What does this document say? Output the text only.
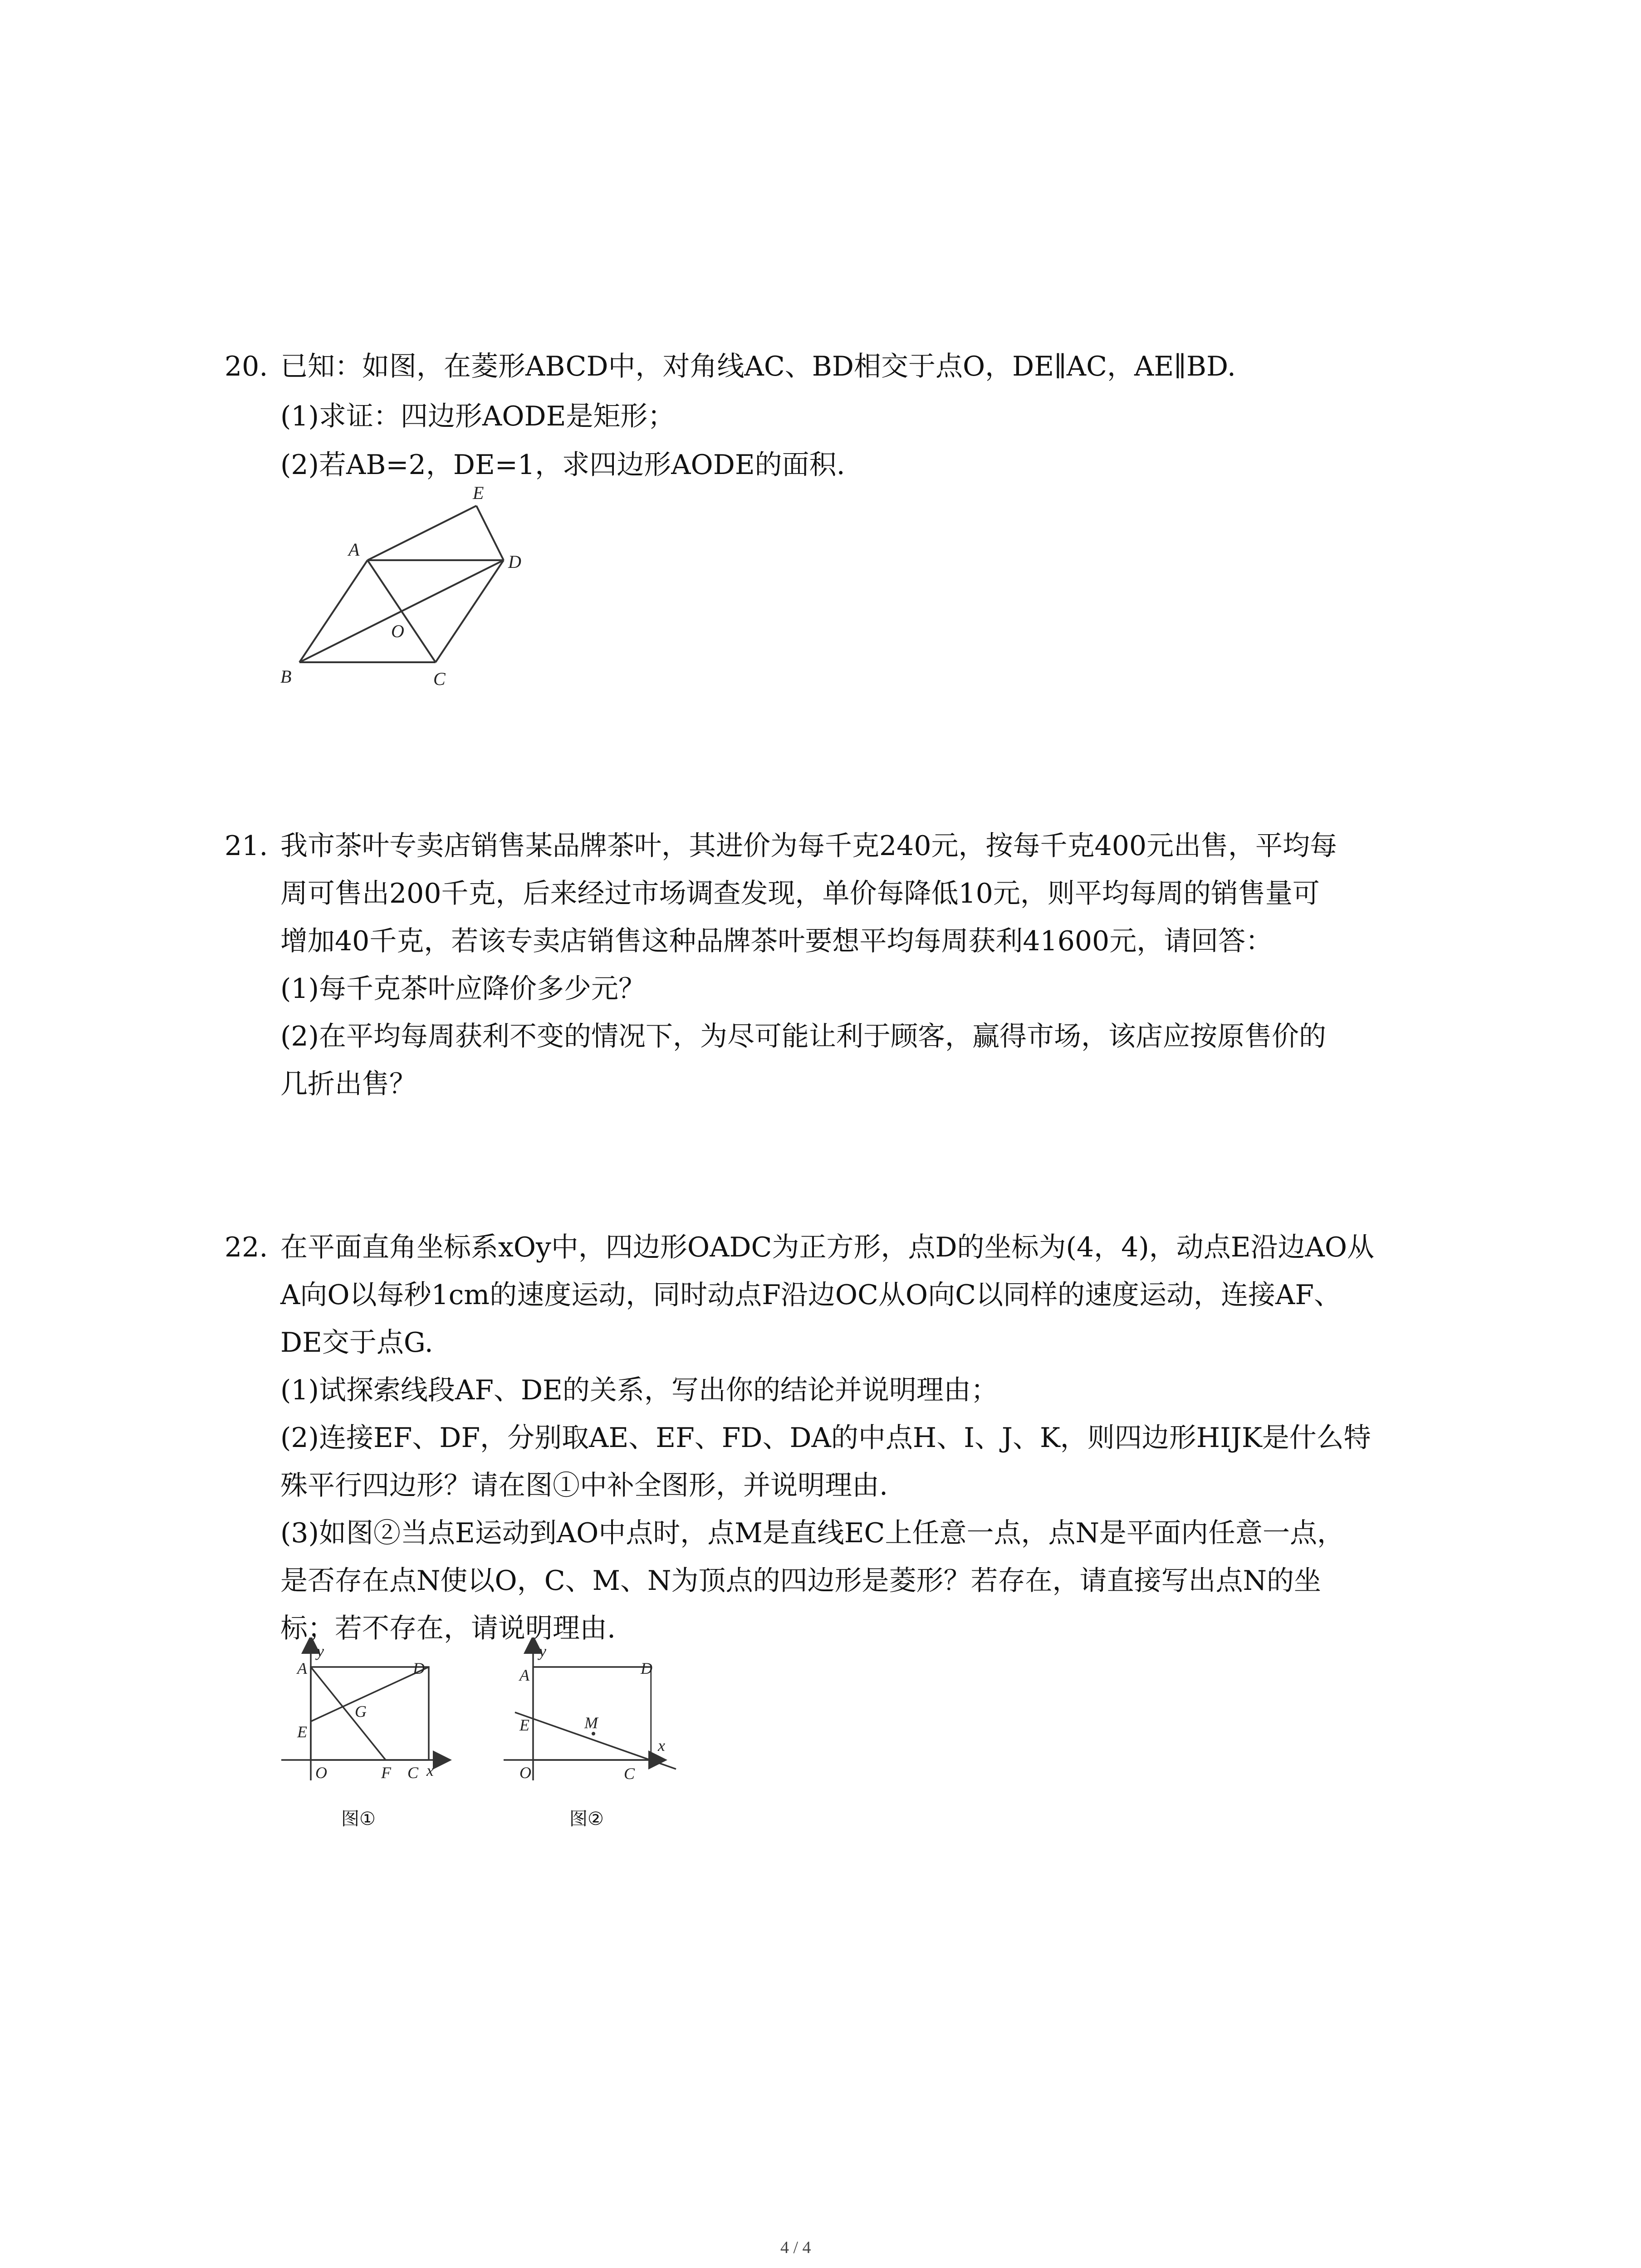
20. 已知：如图，在菱形ABCD中，对角线AC、BD相交于点O，DE∥AC，AE∥BD.
(1)求证：四边形AODE是矩形；
(2)若AB=2，DE=1，求四边形AODE的面积.
E
A
D
O
B	C
21. 我市茶叶专卖店销售某品牌茶叶，其进价为每千克240元，按每千克400元出售，平均每
周可售出200千克，后来经过市场调查发现，单价每降低10元，则平均每周的销售量可
增加40千克，若该专卖店销售这种品牌茶叶要想平均每周获利41600元，请回答：
(1)每千克茶叶应降价多少元？
(2)在平均每周获利不变的情况下，为尽可能让利于顾客，赢得市场，该店应按原售价的
几折出售？
22. 在平面直角坐标系xOy中，四边形OADC为正方形，点D的坐标为(4，4)，动点E沿边AO从
A向O以每秒1cm的速度运动，同时动点F沿边OC从O向C以同样的速度运动，连接AF、
DE交于点G.
(1)试探索线段AF、DE的关系，写出你的结论并说明理由；
(2)连接EF、DF，分别取AE、EF、FD、DA的中点H、I、J、K，则四边形HIJK是什么特
殊平行四边形？请在图①中补全图形，并说明理由.
(3)如图②当点E运动到AO中点时，点M是直线EC上任意一点，点N是平面内任意一点，
是否存在点N使以O，C、M、N为顶点的四边形是菱形？若存在，请直接写出点N的坐
标；若不存在，请说明理由.
y
A	D
G
E
O	F C x
图①
y
A	D
M
E
O	C
x
图②
4 / 4
